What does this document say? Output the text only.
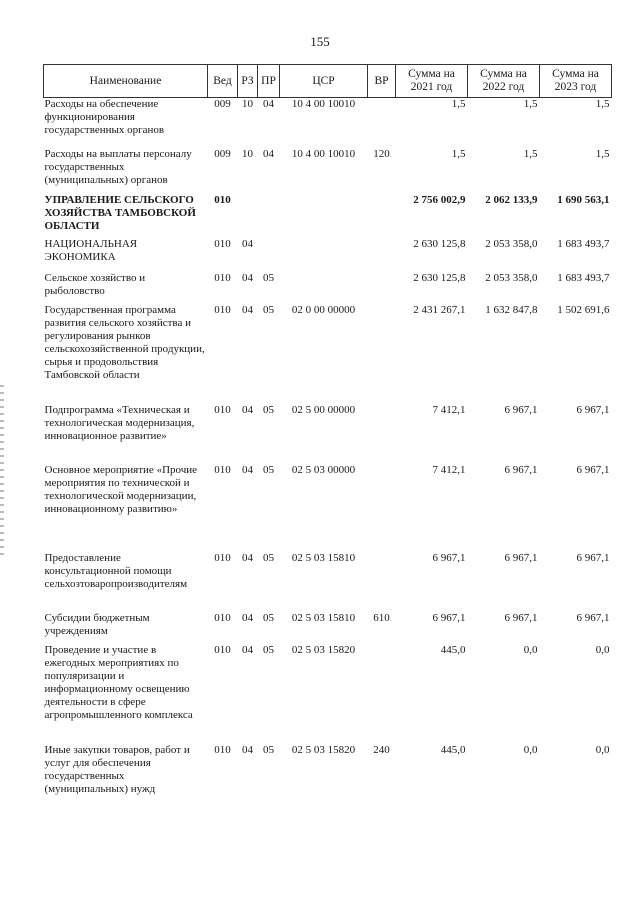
155
Наименование	Вед	РЗ	ПР	ЦСР	ВР	Сумма на 2021 год	Сумма на 2022 год	Сумма на 2023 год
Расходы на обеспечение функционирования государственных органов	009	10	04	10 4 00 10010		1,5	1,5	1,5
Расходы на выплаты персоналу государственных (муниципальных) органов	009	10	04	10 4 00 10010	120	1,5	1,5	1,5
УПРАВЛЕНИЕ СЕЛЬСКОГО ХОЗЯЙСТВА ТАМБОВСКОЙ ОБЛАСТИ	010					2 756 002,9	2 062 133,9	1 690 563,1
НАЦИОНАЛЬНАЯ ЭКОНОМИКА	010	04				2 630 125,8	2 053 358,0	1 683 493,7
Сельское хозяйство и рыболовство	010	04	05			2 630 125,8	2 053 358,0	1 683 493,7
Государственная программа развития сельского хозяйства и регулирования рынков сельскохозяйственной продукции, сырья и продовольствия Тамбовской области	010	04	05	02 0 00 00000		2 431 267,1	1 632 847,8	1 502 691,6
Подпрограмма «Техническая и технологическая модернизация, инновационное развитие»	010	04	05	02 5 00 00000		7 412,1	6 967,1	6 967,1
Основное мероприятие «Прочие мероприятия по технической и технологической модернизации, инновационному развитию»	010	04	05	02 5 03 00000		7 412,1	6 967,1	6 967,1
Предоставление консультационной помощи сельхозтоваропроизводителям	010	04	05	02 5 03 15810		6 967,1	6 967,1	6 967,1
Субсидии бюджетным учреждениям	010	04	05	02 5 03 15810	610	6 967,1	6 967,1	6 967,1
Проведение и участие в ежегодных мероприятиях по популяризации и информационному освещению деятельности в сфере агропромышленного комплекса	010	04	05	02 5 03 15820		445,0	0,0	0,0
Иные закупки товаров, работ и услуг для обеспечения государственных (муниципальных) нужд	010	04	05	02 5 03 15820	240	445,0	0,0	0,0
